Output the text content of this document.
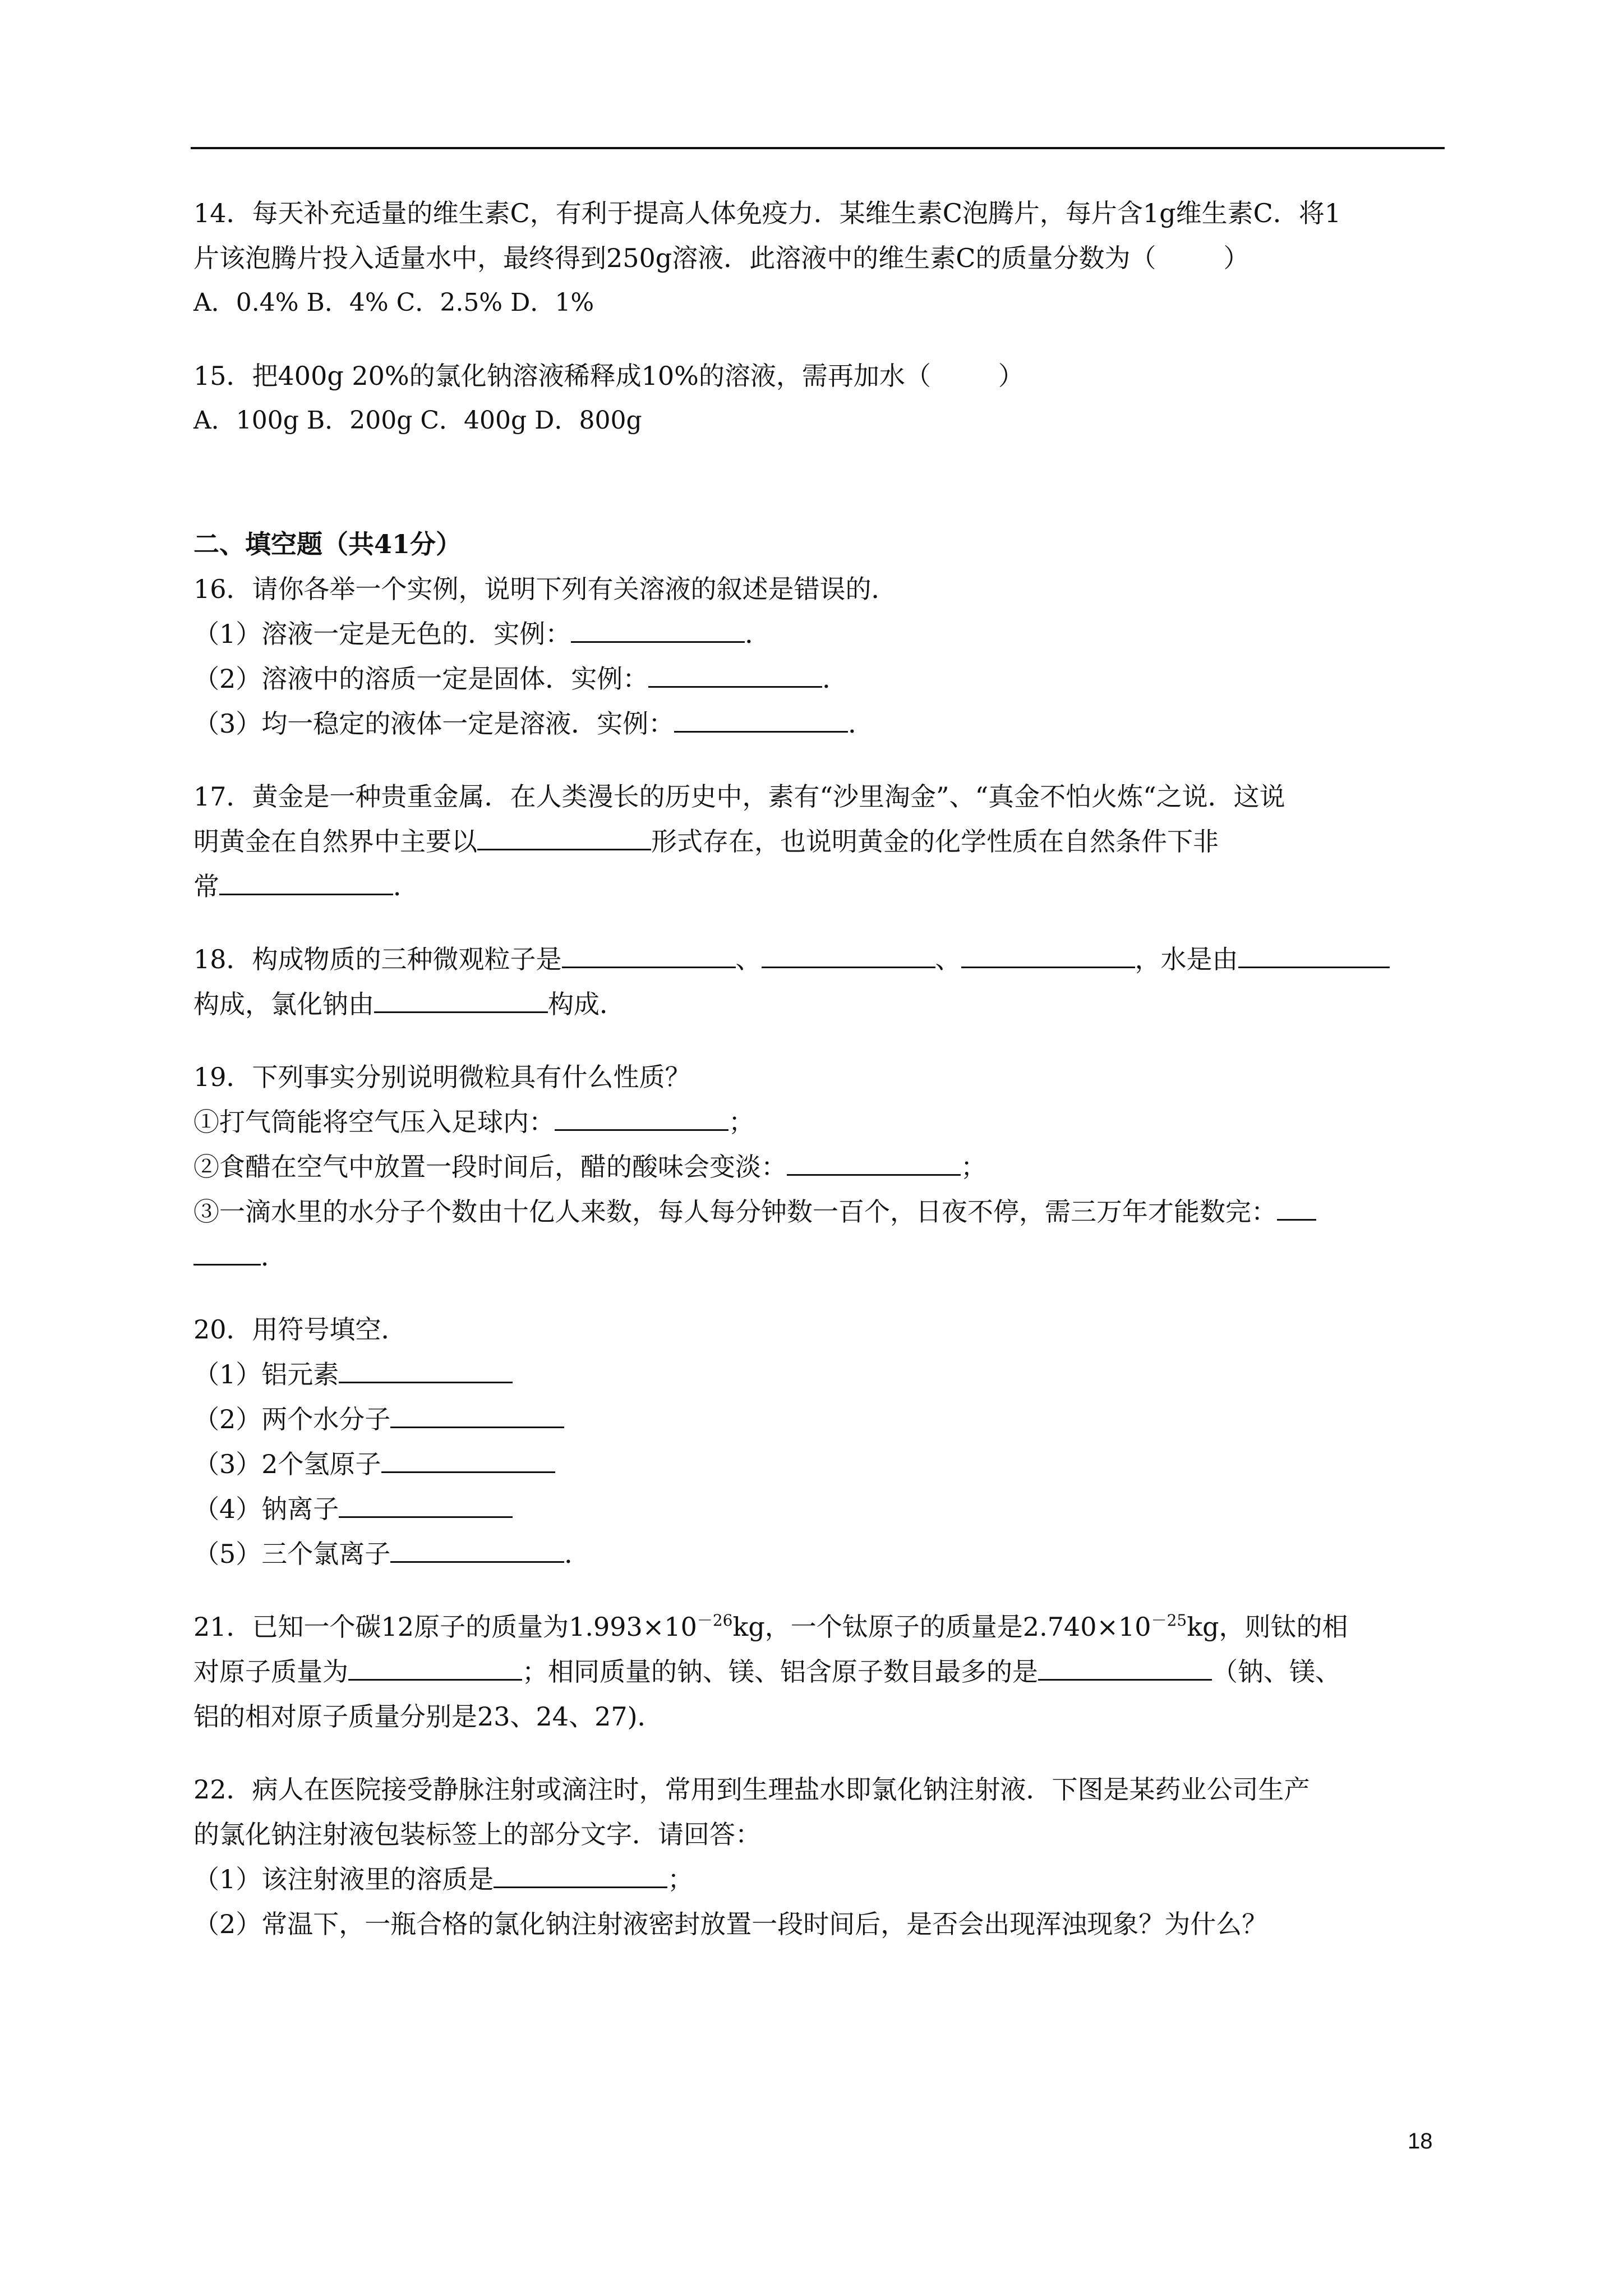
14．每天补充适量的维生素C，有利于提高人体免疫力．某维生素C泡腾片，每片含1g维生素C．将1
片该泡腾片投入适量水中，最终得到250g溶液．此溶液中的维生素C的质量分数为（	）
A．0.4% B．4% C．2.5% D．1%
15．把400g 20%的氯化钠溶液稀释成10%的溶液，需再加水（	）
A．100g B．200g C．400g D．800g
二、填空题（共41分）
16．请你各举一个实例，说明下列有关溶液的叙述是错误的．
（1）溶液一定是无色的．实例：	．
（2）溶液中的溶质一定是固体．实例：	．
（3）均一稳定的液体一定是溶液．实例：	．
17．黄金是一种贵重金属．在人类漫长的历史中，素有“沙里淘金”、“真金不怕火炼“之说．这说
明黄金在自然界中主要以	形式存在，也说明黄金的化学性质在自然条件下非
常	．
18．构成物质的三种微观粒子是	、	、	，水是由
构成，氯化钠由	构成．
19．下列事实分别说明微粒具有什么性质？
①打气筒能将空气压入足球内：	；
②食醋在空气中放置一段时间后，醋的酸味会变淡：	；
③一滴水里的水分子个数由十亿人来数，每人每分钟数一百个，日夜不停，需三万年才能数完：
．
20．用符号填空．
（1）铝元素
（2）两个水分子
（3）2个氢原子
（4）钠离子
（5）三个氯离子	．
21．已知一个碳12原子的质量为$1.993\times 10^{-26}kg$，一个钛原子的质量是$2.740\times 10^{-25}kg$，则钛的相
对原子质量为	；相同质量的钠、镁、铝含原子数目最多的是	（钠、镁、
铝的相对原子质量分别是23、24、27)．
22．病人在医院接受静脉注射或滴注时，常用到生理盐水即氯化钠注射液．下图是某药业公司生产
的氯化钠注射液包装标签上的部分文字．请回答：
（1）该注射液里的溶质是	；
（2）常温下，一瓶合格的氯化钠注射液密封放置一段时间后，是否会出现浑浊现象？为什么？
18
